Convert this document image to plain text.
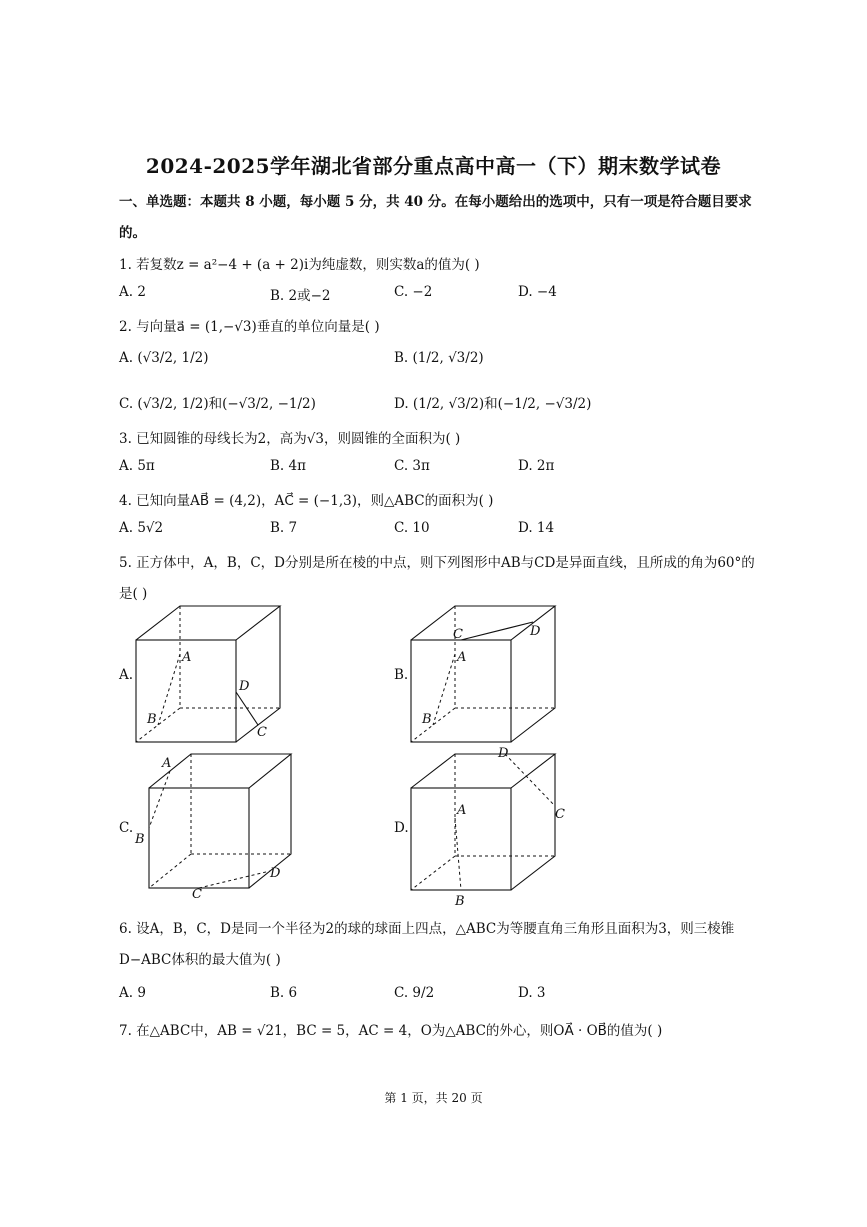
2024-2025学年湖北省部分重点高中高一（下）期末数学试卷
一、单选题：本题共 8 小题，每小题 5 分，共 40 分。在每小题给出的选项中，只有一项是符合题目要求
的。
1. 若复数z = a²−4 + (a + 2)i为纯虚数，则实数a的值为( )
A. 2	B. 2或−2	C. −2	D. −4
2. 与向量a⃗ = (1,−√3)垂直的单位向量是( )
A. (√3/2, 1/2)	B. (1/2, √3/2)
C. (√3/2, 1/2)和(−√3/2, −1/2)	D. (1/2, √3/2)和(−1/2, −√3/2)
3. 已知圆锥的母线长为2，高为√3，则圆锥的全面积为( )
A. 5π	B. 4π	C. 3π	D. 2π
4. 已知向量AB⃗ = (4,2)，AC⃗ = (−1,3)，则△ABC的面积为( )
A. 5√2	B. 7	C. 10	D. 14
5. 正方体中，A，B，C，D分别是所在棱的中点，则下列图形中AB与CD是异面直线，且所成的角为60°的
是( )
A.	B.
C.	D.
A
B
D
C
C	D
A
B
A
B
C
D
D
C
A
B
6. 设A，B，C，D是同一个半径为2的球的球面上四点，△ABC为等腰直角三角形且面积为3，则三棱锥
D−ABC体积的最大值为( )
A. 9	B. 6	C. 9/2	D. 3
7. 在△ABC中，AB = √21，BC = 5，AC = 4，O为△ABC的外心，则OA⃗ · OB⃗的值为( )
第 1 页，共 20 页
